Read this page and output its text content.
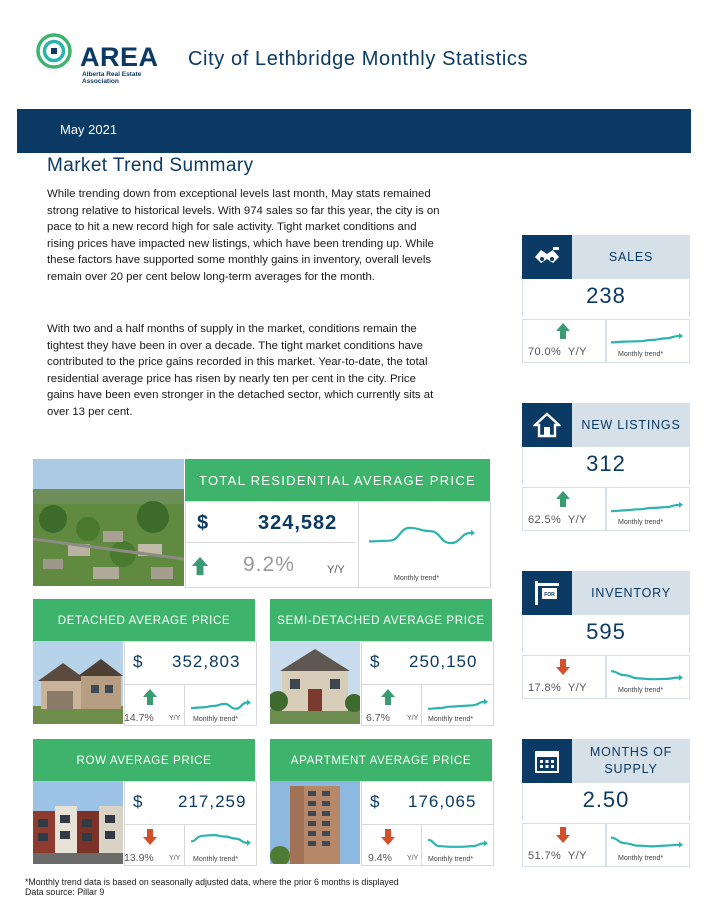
AREA
Alberta Real Estate
Association
City of Lethbridge Monthly Statistics
May 2021
Market Trend Summary
While trending down from exceptional levels last month, May stats remained strong relative to historical levels. With 974 sales so far this year, the city is on pace to hit a new record high for sale activity. Tight market conditions and rising prices have impacted new listings, which have been trending up. While these factors have supported some monthly gains in inventory, overall levels remain over 20 per cent below long-term averages for the month.
With two and a half months of supply in the market, conditions remain the tightest they have been in over a decade. The tight market conditions have contributed to the price gains recorded in this market. Year-to-date, the total residential average price has risen by nearly ten per cent in the city. Price gains have been even stronger in the detached sector, which currently sits at over 13 per cent.
SALES
238
70.0% Y/Y	Monthly trend*
NEW LISTINGS
312
62.5% Y/Y	Monthly trend*
FOR	INVENTORY
595
17.8% Y/Y	Monthly trend*
MONTHS OF SUPPLY
2.50
51.7% Y/Y	Monthly trend*
TOTAL RESIDENTIAL AVERAGE PRICE
$ 324,582
9.2%	Y/Y
Monthly trend*
DETACHED AVERAGE PRICE
$ 352,803
14.7% Y/Y Monthly trend*
SEMI-DETACHED AVERAGE PRICE
$ 250,150
6.7% Y/Y Monthly trend*
ROW AVERAGE PRICE
$ 217,259
13.9% Y/Y Monthly trend*
APARTMENT AVERAGE PRICE
$ 176,065
9.4% Y/Y Monthly trend*
*Monthly trend data is based on seasonally adjusted data, where the prior 6 months is displayed
Data source: Pillar 9
